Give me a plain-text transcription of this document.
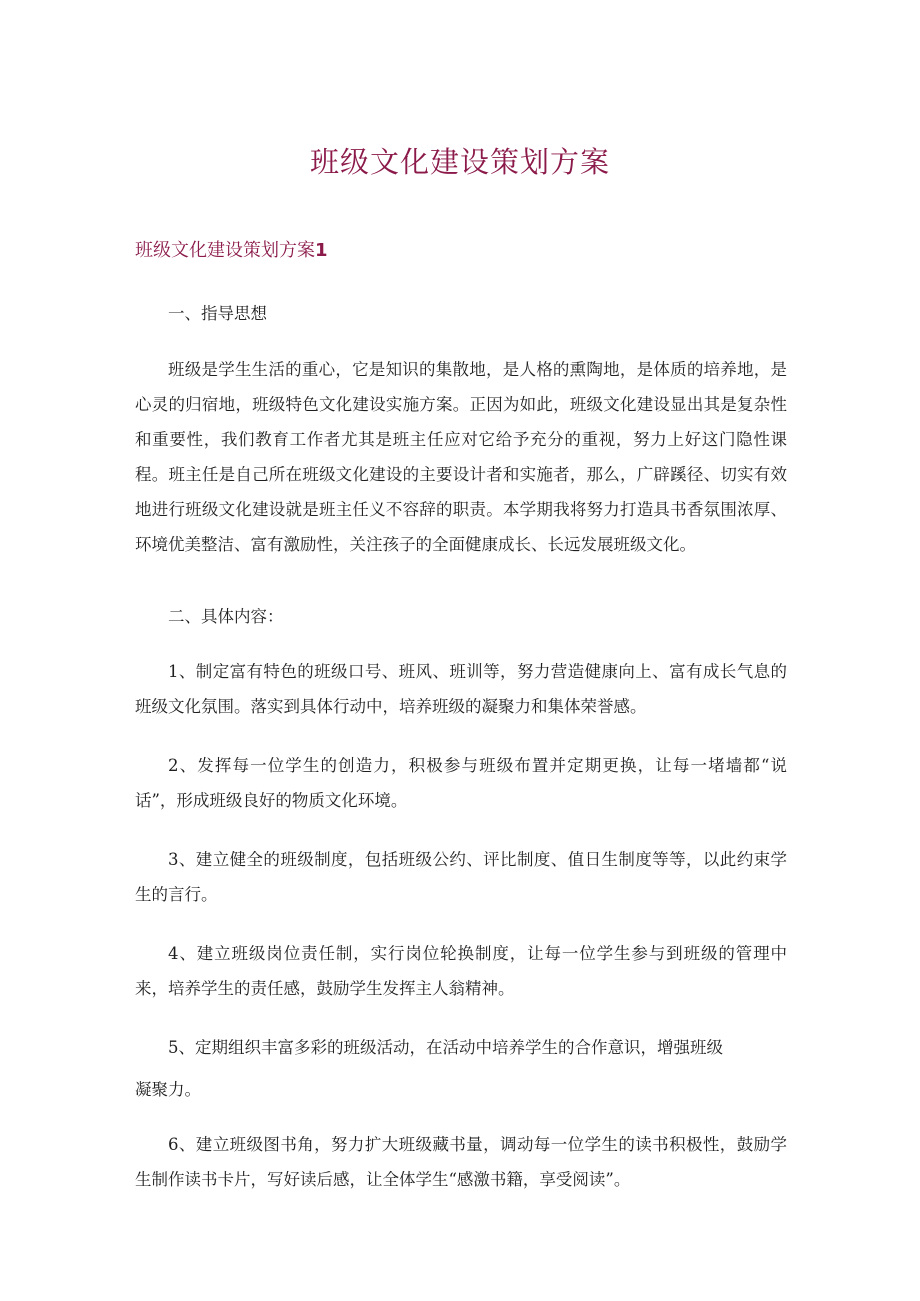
班级文化建设策划方案
班级文化建设策划方案1

一、指导思想

班级是学生生活的重心，它是知识的集散地，是人格的熏陶地，是体质的培养地，是心灵的归宿地，班级特色文化建设实施方案。正因为如此，班级文化建设显出其是复杂性和重要性，我们教育工作者尤其是班主任应对它给予充分的重视，努力上好这门隐性课程。班主任是自己所在班级文化建设的主要设计者和实施者，那么，广辟蹊径、切实有效地进行班级文化建设就是班主任义不容辞的职责。本学期我将努力打造具书香氛围浓厚、环境优美整洁、富有激励性，关注孩子的全面健康成长、长远发展班级文化。

二、具体内容：

1、制定富有特色的班级口号、班风、班训等，努力营造健康向上、富有成长气息的班级文化氛围。落实到具体行动中，培养班级的凝聚力和集体荣誉感。

2、发挥每一位学生的创造力，积极参与班级布置并定期更换，让每一堵墙都“说话”，形成班级良好的物质文化环境。

3、建立健全的班级制度，包括班级公约、评比制度、值日生制度等等，以此约束学生的言行。

4、建立班级岗位责任制，实行岗位轮换制度，让每一位学生参与到班级的管理中来，培养学生的责任感，鼓励学生发挥主人翁精神。

5、定期组织丰富多彩的班级活动，在活动中培养学生的合作意识，增强班级

凝聚力。

6、建立班级图书角，努力扩大班级藏书量，调动每一位学生的读书积极性，鼓励学生制作读书卡片，写好读后感，让全体学生“感激书籍，享受阅读”。
